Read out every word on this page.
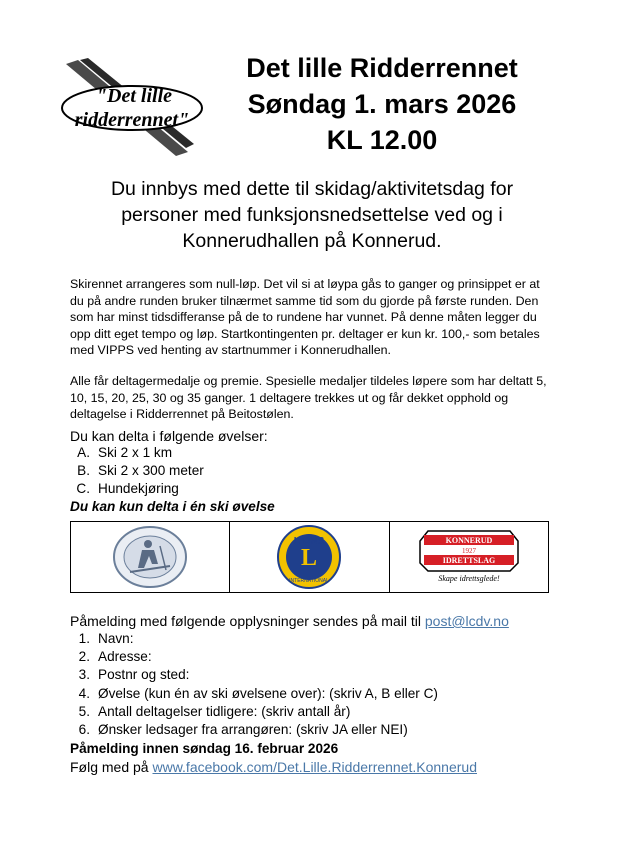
"Det lille
ridderrennet"
Det lille Ridderrennet
Søndag 1. mars 2026
KL 12.00
Du innbys med dette til skidag/aktivitetsdag for personer med funksjonsnedsettelse ved og i Konnerudhallen på Konnerud.

Skirennet arrangeres som null-løp. Det vil si at løypa gås to ganger og prinsippet er at du på andre runden bruker tilnærmet samme tid som du gjorde på første runden. Den som har minst tidsdifferanse på de to rundene har vunnet. På denne måten legger du opp ditt eget tempo og løp. Startkontingenten pr. deltager er kun kr. 100,- som betales med VIPPS ved henting av startnummer i Konnerudhallen.

Alle får deltagermedalje og premie. Spesielle medaljer tildeles løpere som har deltatt 5, 10, 15, 20, 25, 30 og 35 ganger. 1 deltagere trekkes ut og får dekket opphold og deltagelse i Ridderrennet på Beitostølen.

Du kan delta i følgende øvelser:
A. Ski 2 x 1 km
B. Ski 2 x 300 meter
C. Hundekjøring
Du kan kun delta i én ski øvelse
LIONS
L
INTERNATIONAL
KONNERUD
1927
IDRETTSLAG
Skape idrettsglede!
Påmelding med følgende opplysninger sendes på mail til post@lcdv.no
1. Navn:
2. Adresse:
3. Postnr og sted:
4. Øvelse (kun én av ski øvelsene over): (skriv A, B eller C)
5. Antall deltagelser tidligere: (skriv antall år)
6. Ønsker ledsager fra arrangøren: (skriv JA eller NEI)
Påmelding innen søndag 16. februar 2026
Følg med på www.facebook.com/Det.Lille.Ridderrennet.Konnerud
